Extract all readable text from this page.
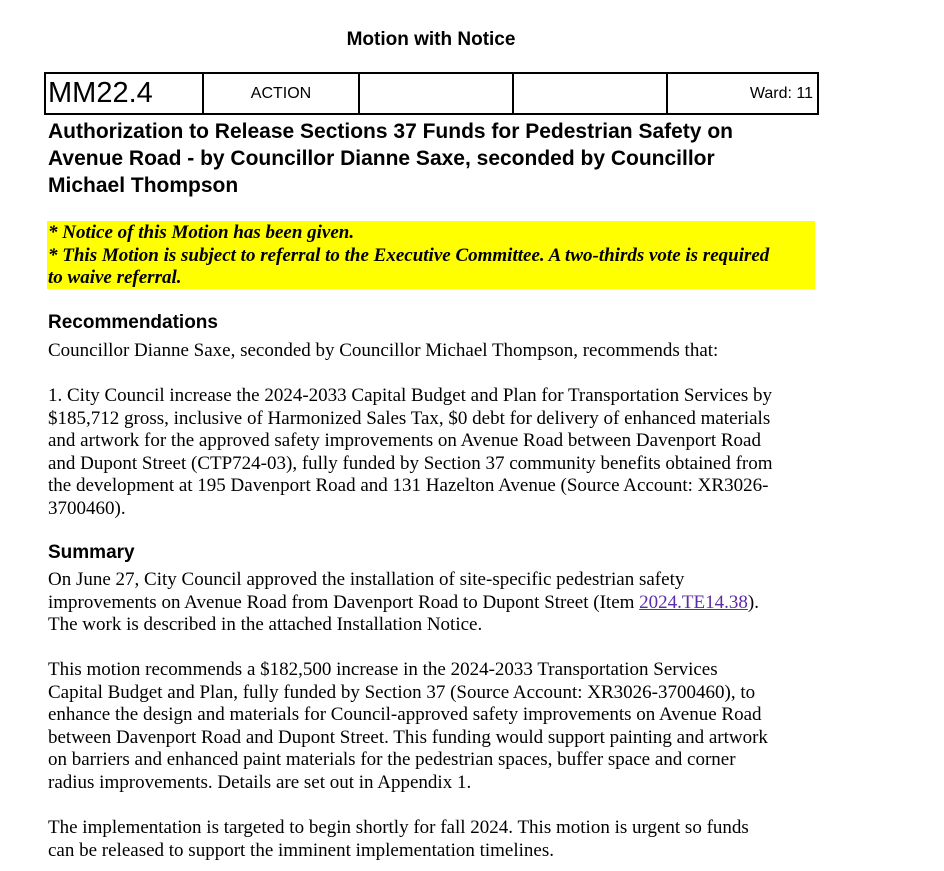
Motion with Notice
MM22.4	ACTION			Ward: 11
Authorization to Release Sections 37 Funds for Pedestrian Safety on
Avenue Road - by Councillor Dianne Saxe, seconded by Councillor
Michael Thompson
* Notice of this Motion has been given.
* This Motion is subject to referral to the Executive Committee. A two-thirds vote is required
to waive referral.
Recommendations
Councillor Dianne Saxe, seconded by Councillor Michael Thompson, recommends that:
1. City Council increase the 2024-2033 Capital Budget and Plan for Transportation Services by
$185,712 gross, inclusive of Harmonized Sales Tax, $0 debt for delivery of enhanced materials
and artwork for the approved safety improvements on Avenue Road between Davenport Road
and Dupont Street (CTP724-03), fully funded by Section 37 community benefits obtained from
the development at 195 Davenport Road and 131 Hazelton Avenue (Source Account: XR3026-
3700460).
Summary
On June 27, City Council approved the installation of site-specific pedestrian safety
improvements on Avenue Road from Davenport Road to Dupont Street (Item 2024.TE14.38).
The work is described in the attached Installation Notice.
This motion recommends a $182,500 increase in the 2024-2033 Transportation Services
Capital Budget and Plan, fully funded by Section 37 (Source Account: XR3026-3700460), to
enhance the design and materials for Council-approved safety improvements on Avenue Road
between Davenport Road and Dupont Street. This funding would support painting and artwork
on barriers and enhanced paint materials for the pedestrian spaces, buffer space and corner
radius improvements. Details are set out in Appendix 1.
The implementation is targeted to begin shortly for fall 2024. This motion is urgent so funds
can be released to support the imminent implementation timelines.
